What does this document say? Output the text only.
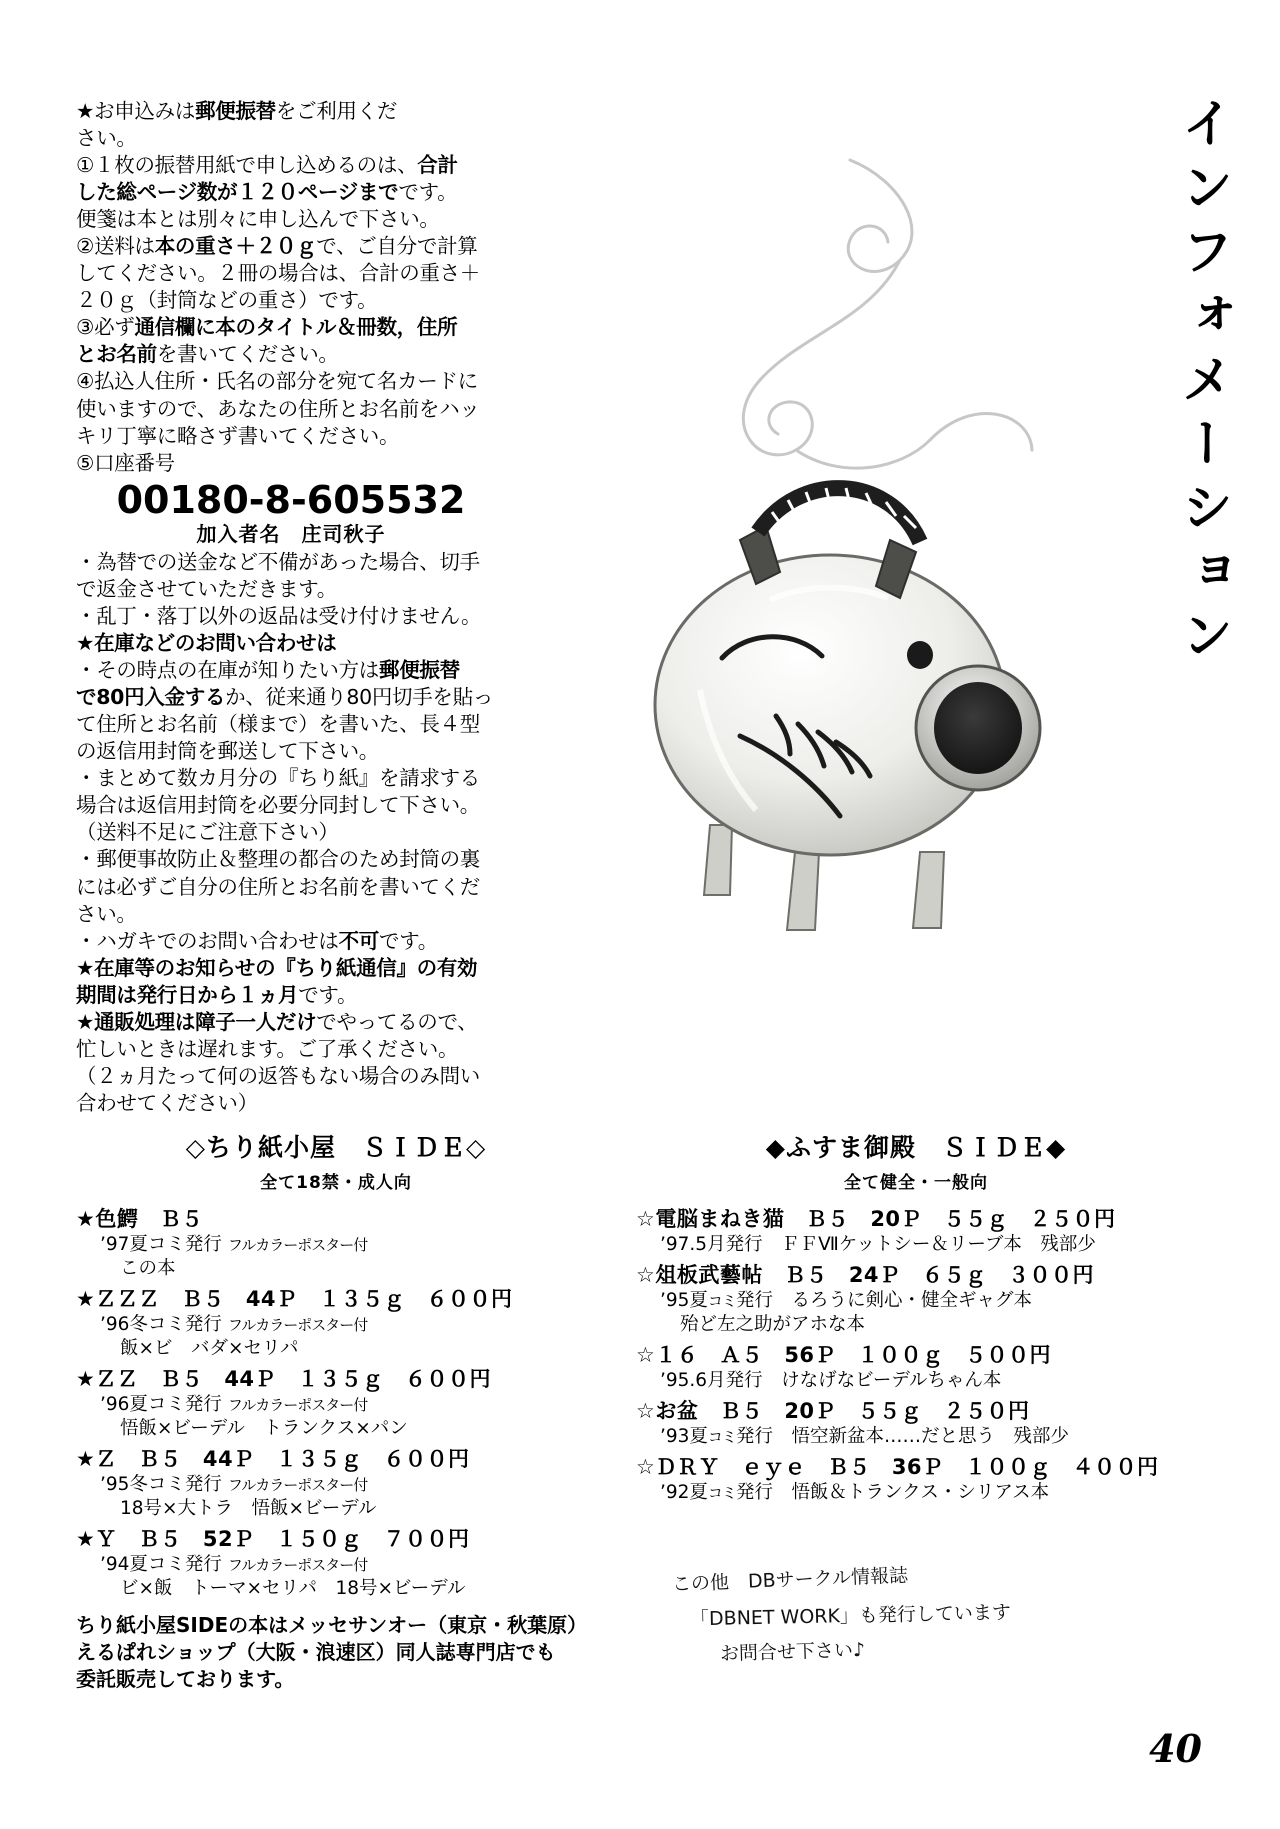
インフォメーション

★お申込みは郵便振替をご利用くだ

さい。

①１枚の振替用紙で申し込めるのは、合計

した総ページ数が１２０ページまでです。

便箋は本とは別々に申し込んで下さい。

②送料は本の重さ＋２０ｇで、ご自分で計算

してください。２冊の場合は、合計の重さ＋

２０ｇ（封筒などの重さ）です。

③必ず通信欄に本のタイトル＆冊数，住所

とお名前を書いてください。

④払込人住所・氏名の部分を宛て名カードに

使いますので、あなたの住所とお名前をハッ

キリ丁寧に略さず書いてください。

⑤口座番号

00180-8-605532
加入者名　庄司秋子

・為替での送金など不備があった場合、切手

で返金させていただきます。

・乱丁・落丁以外の返品は受け付けません。

★在庫などのお問い合わせは

・その時点の在庫が知りたい方は郵便振替

で80円入金するか、従来通り80円切手を貼っ

て住所とお名前（様まで）を書いた、長４型

の返信用封筒を郵送して下さい。

・まとめて数カ月分の『ちり紙』を請求する

場合は返信用封筒を必要分同封して下さい。

（送料不足にご注意下さい）

・郵便事故防止＆整理の都合のため封筒の裏

には必ずご自分の住所とお名前を書いてくだ

さい。

・ハガキでのお問い合わせは不可です。

★在庫等のお知らせの『ちり紙通信』の有効

期間は発行日から１ヵ月です。

★通販処理は障子一人だけでやってるので、

忙しいときは遅れます。ご了承ください。

（２ヵ月たって何の返答もない場合のみ問い

合わせてください）

◇ちり紙小屋　ＳＩＤＥ◇
全て18禁・成人向
★色鰐　Ｂ５
’97夏コミ発行 フルカラーポスター付
この本
★ＺＺＺ　Ｂ５　44Ｐ　１３５ｇ　６００円
’96冬コミ発行 フルカラーポスター付
飯×ビ　バダ×セリパ
★ＺＺ　Ｂ５　44Ｐ　１３５ｇ　６００円
’96夏コミ発行 フルカラーポスター付
悟飯×ビーデル　トランクス×パン
★Ｚ　Ｂ５　44Ｐ　１３５ｇ　６００円
’95冬コミ発行 フルカラーポスター付
18号×大トラ　悟飯×ビーデル
★Ｙ　Ｂ５　52Ｐ　１５０ｇ　７００円
’94夏コミ発行 フルカラーポスター付
ビ×飯　トーマ×セリパ　18号×ビーデル
◆ふすま御殿　ＳＩＤＥ◆
全て健全・一般向
☆電脳まねき猫　Ｂ５　20Ｐ　５５ｇ　２５０円
’97.5月発行　ＦＦⅦケットシー＆リーブ本　残部少
☆俎板武藝帖　Ｂ５　24Ｐ　６５ｇ　３００円
’95夏コミ発行　るろうに剣心・健全ギャグ本
殆ど左之助がアホな本
☆１６　Ａ５　56Ｐ　１００ｇ　５００円
’95.6月発行　けなげなビーデルちゃん本
☆お盆　Ｂ５　20Ｐ　５５ｇ　２５０円
’93夏コミ発行　悟空新盆本……だと思う　残部少
☆ＤＲＹ　ｅｙｅ　Ｂ５　36Ｐ　１００ｇ　４００円
’92夏コミ発行　悟飯＆トランクス・シリアス本
ちり紙小屋SIDEの本はメッセサンオー（東京・秋葉原）
えるぱれショップ（大阪・浪速区）同人誌専門店でも
委託販売しております。
この他　DBサークル情報誌
「DBNET WORK」も発行しています
お問合せ下さい♪
40
